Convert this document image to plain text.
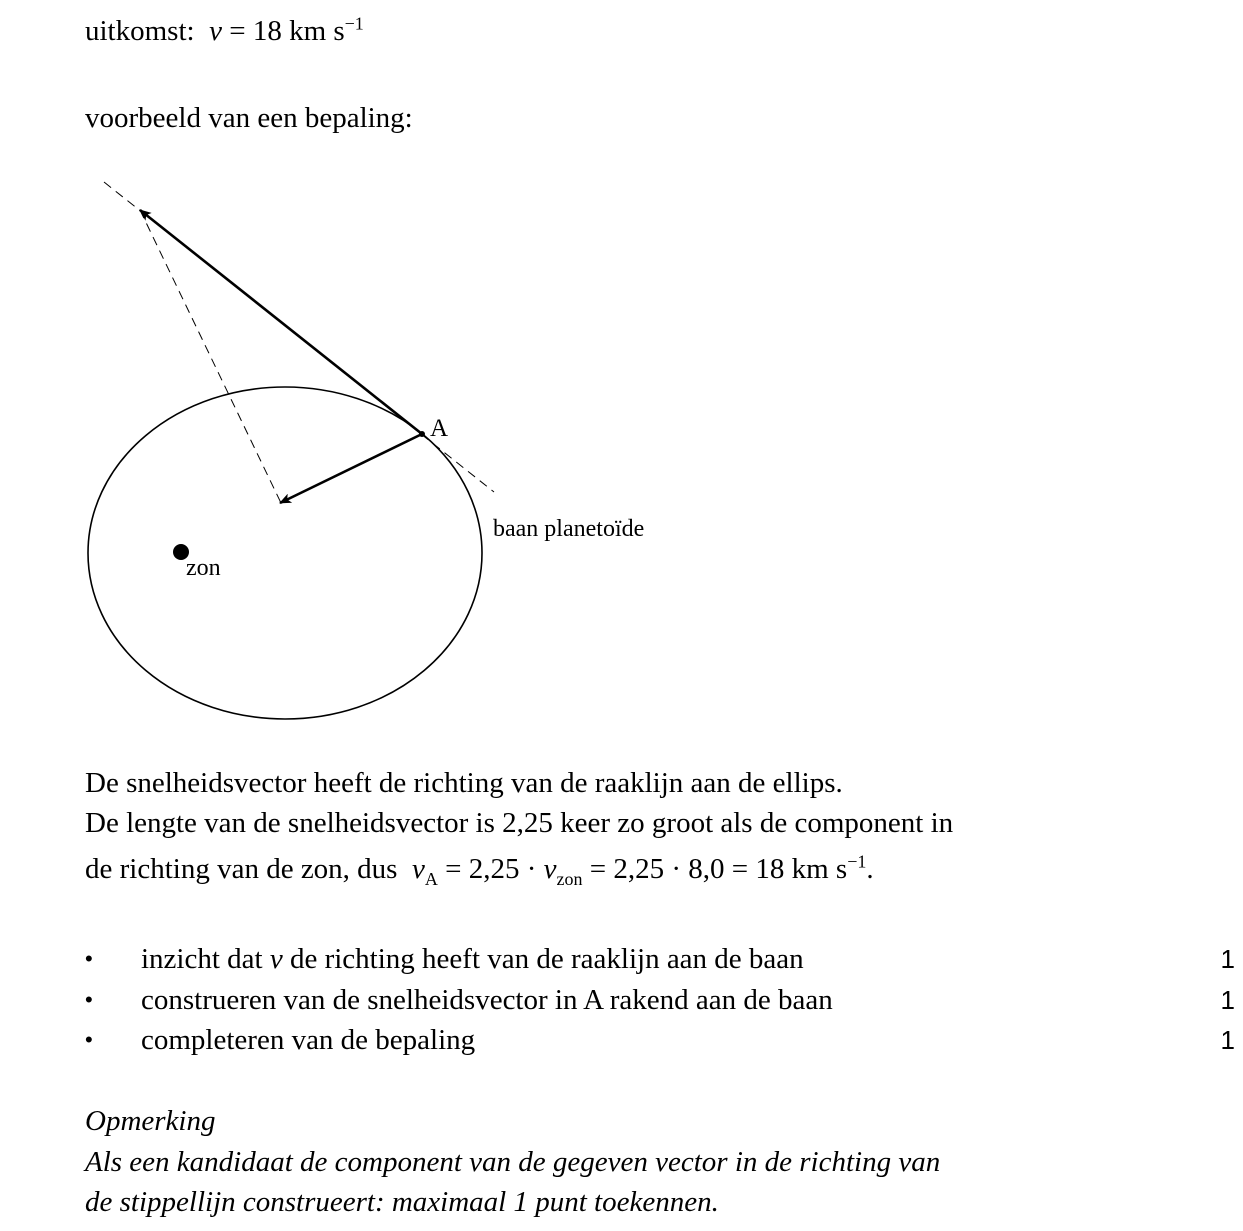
uitkomst: v = 18 km $s^{-1}$
voorbeeld van een bepaling:
A
zon
baan planetoïde
De snelheidsvector heeft de richting van de raaklijn aan de ellips.
De lengte van de snelheidsvector is 2,25 keer zo groot als de component in
de richting van de zon, dus $v_A = 2,25 \cdot v_{zon} = 2,25 \cdot 8,0 = 18$ km $s^{-1}$.
• inzicht dat v de richting heeft van de raaklijn aan de baan	1
• construeren van de snelheidsvector in A rakend aan de baan	1
• completeren van de bepaling	1
Opmerking
Als een kandidaat de component van de gegeven vector in de richting van
de stippellijn construeert: maximaal 1 punt toekennen.
